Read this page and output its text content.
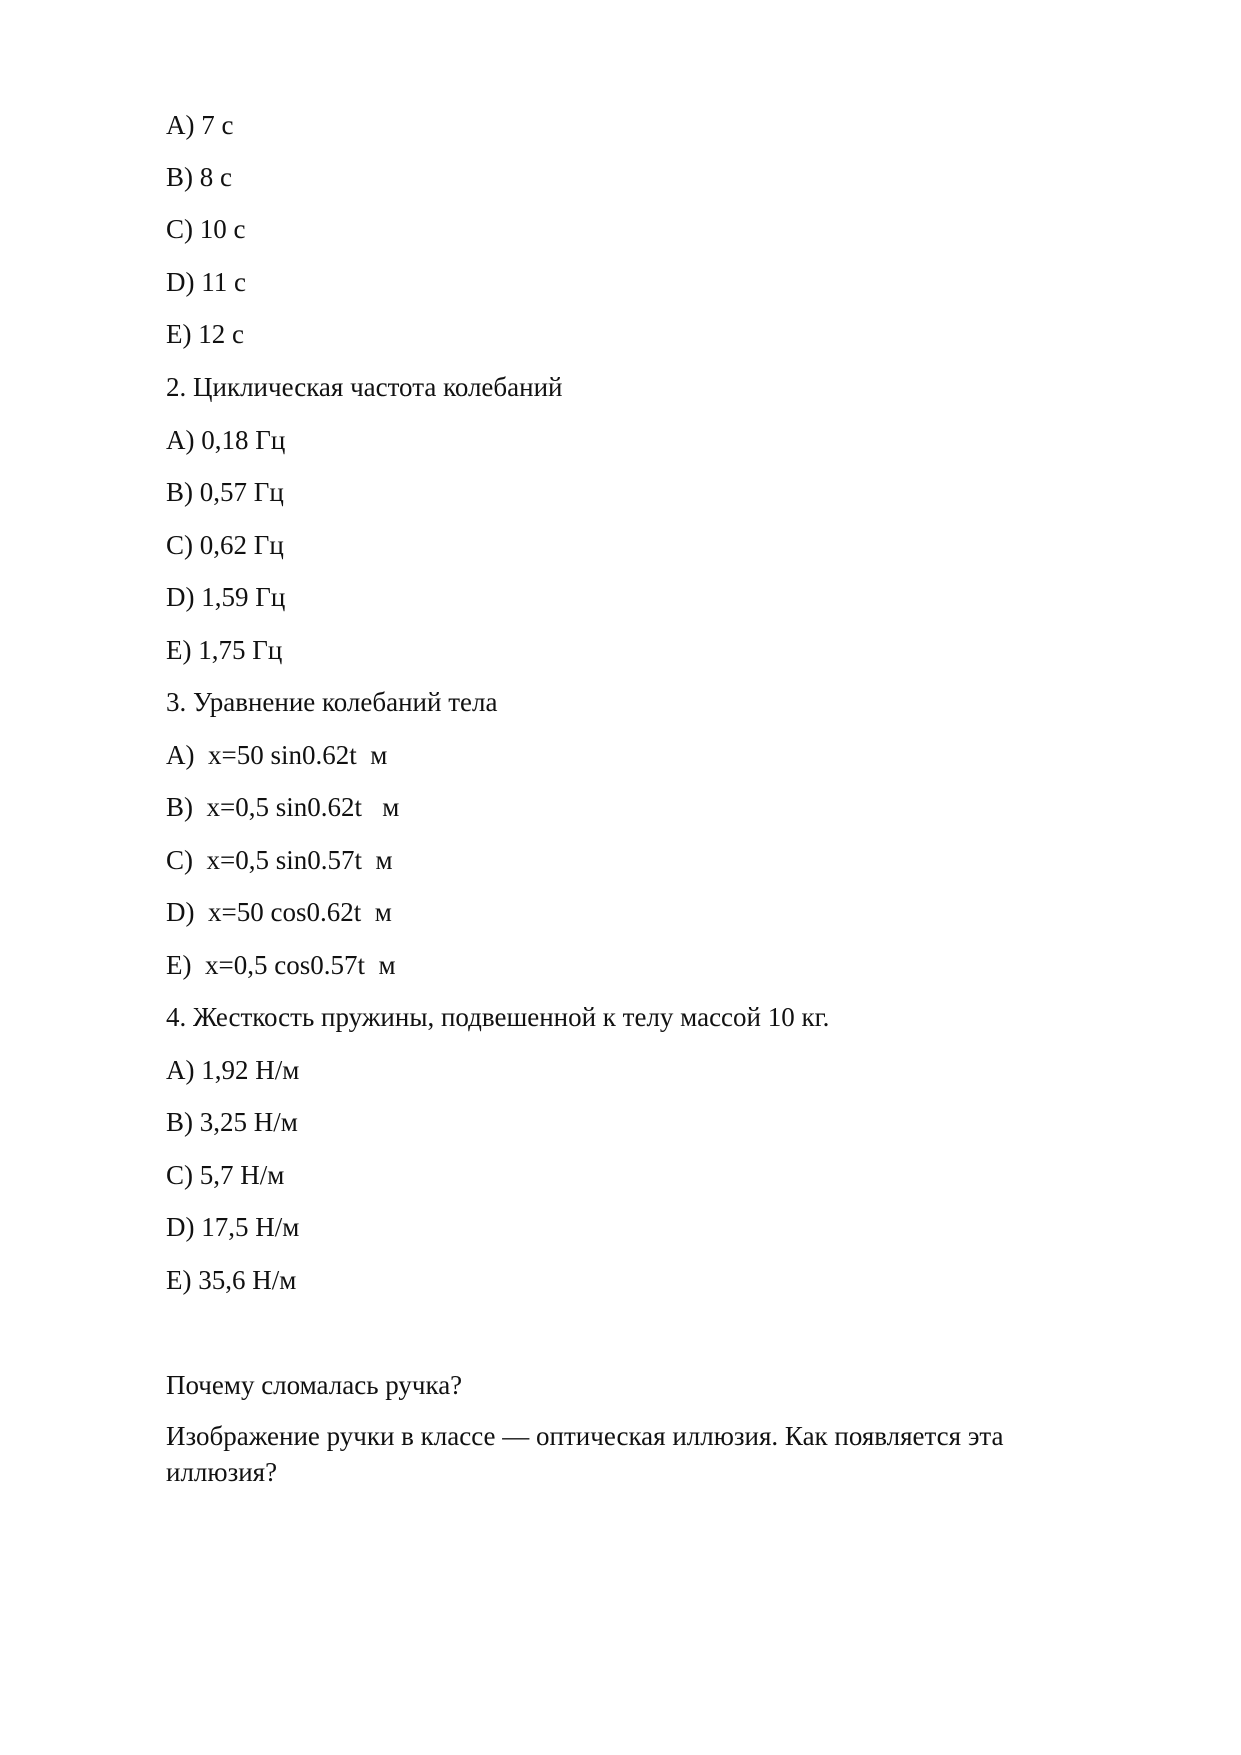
A) 7 c
B) 8 c
C) 10 c
D) 11 c
E) 12 c
2. Циклическая частота колебаний
A) 0,18 Гц
B) 0,57 Гц
C) 0,62 Гц
D) 1,59 Гц
E) 1,75 Гц
3. Уравнение колебаний тела
A)  x=50 sin0.62t  м
B)  x=0,5 sin0.62t   м
C)  x=0,5 sin0.57t  м
D)  x=50 cos0.62t  м
E)  x=0,5 cos0.57t  м
4. Жесткость пружины, подвешенной к телу массой 10 кг.
A) 1,92 Н/м
B) 3,25 Н/м
C) 5,7 Н/м
D) 17,5 Н/м
E) 35,6 Н/м
Почему сломалась ручка?
Изображение ручки в классе — оптическая иллюзия. Как появляется эта иллюзия?
